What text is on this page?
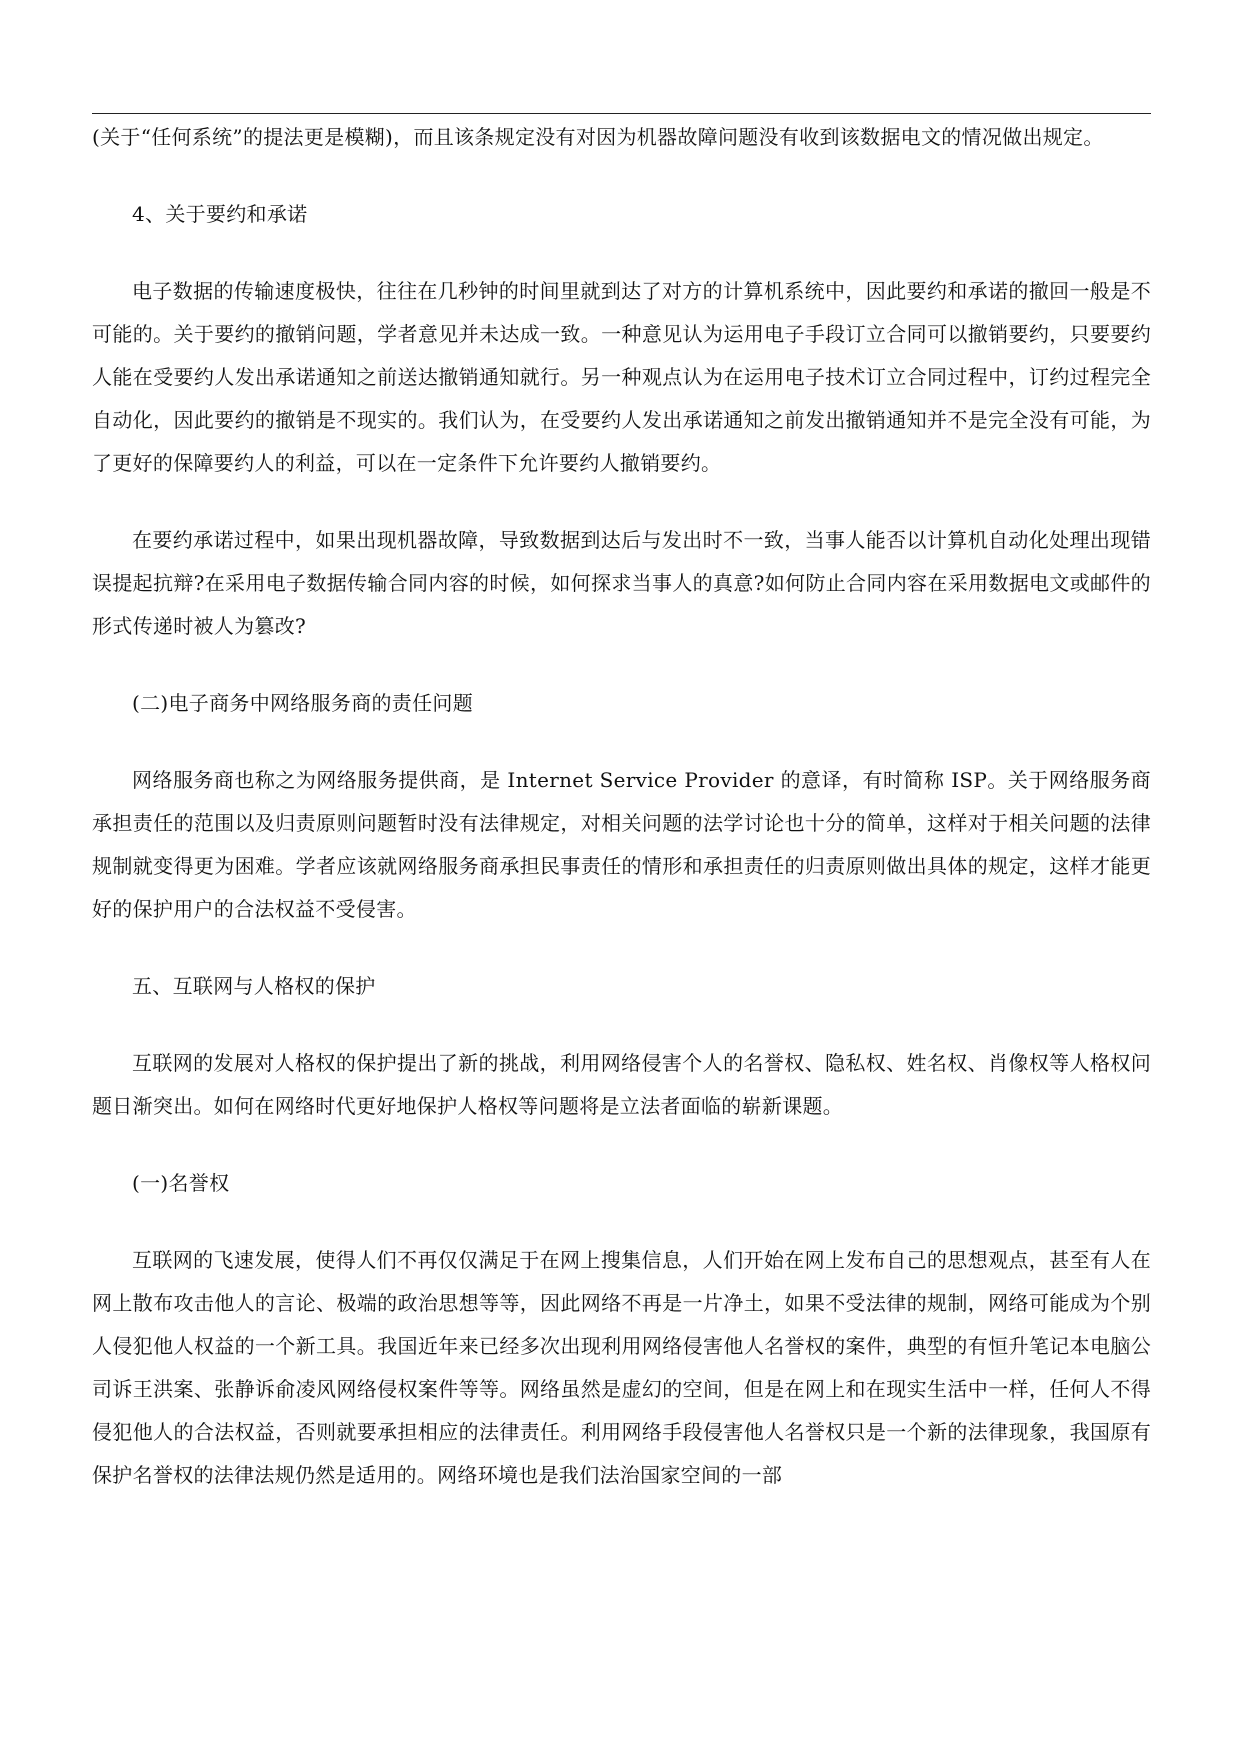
(关于“任何系统”的提法更是模糊)，而且该条规定没有对因为机器故障问题没有收到该数据电文的情况做出规定。

4、关于要约和承诺

电子数据的传输速度极快，往往在几秒钟的时间里就到达了对方的计算机系统中，因此要约和承诺的撤回一般是不可能的。关于要约的撤销问题，学者意见并未达成一致。一种意见认为运用电子手段订立合同可以撤销要约，只要要约人能在受要约人发出承诺通知之前送达撤销通知就行。另一种观点认为在运用电子技术订立合同过程中，订约过程完全自动化，因此要约的撤销是不现实的。我们认为，在受要约人发出承诺通知之前发出撤销通知并不是完全没有可能，为了更好的保障要约人的利益，可以在一定条件下允许要约人撤销要约。

在要约承诺过程中，如果出现机器故障，导致数据到达后与发出时不一致，当事人能否以计算机自动化处理出现错误提起抗辩?在采用电子数据传输合同内容的时候，如何探求当事人的真意?如何防止合同内容在采用数据电文或邮件的形式传递时被人为篡改?

(二)电子商务中网络服务商的责任问题

网络服务商也称之为网络服务提供商，是 Internet Service Provider 的意译，有时简称 ISP。关于网络服务商承担责任的范围以及归责原则问题暂时没有法律规定，对相关问题的法学讨论也十分的简单，这样对于相关问题的法律规制就变得更为困难。学者应该就网络服务商承担民事责任的情形和承担责任的归责原则做出具体的规定，这样才能更好的保护用户的合法权益不受侵害。

五、互联网与人格权的保护

互联网的发展对人格权的保护提出了新的挑战，利用网络侵害个人的名誉权、隐私权、姓名权、肖像权等人格权问题日渐突出。如何在网络时代更好地保护人格权等问题将是立法者面临的崭新课题。

(一)名誉权

互联网的飞速发展，使得人们不再仅仅满足于在网上搜集信息，人们开始在网上发布自己的思想观点，甚至有人在网上散布攻击他人的言论、极端的政治思想等等，因此网络不再是一片净土，如果不受法律的规制，网络可能成为个别人侵犯他人权益的一个新工具。我国近年来已经多次出现利用网络侵害他人名誉权的案件，典型的有恒升笔记本电脑公司诉王洪案、张静诉俞凌风网络侵权案件等等。网络虽然是虚幻的空间，但是在网上和在现实生活中一样，任何人不得侵犯他人的合法权益，否则就要承担相应的法律责任。利用网络手段侵害他人名誉权只是一个新的法律现象，我国原有保护名誉权的法律法规仍然是适用的。网络环境也是我们法治国家空间的一部
